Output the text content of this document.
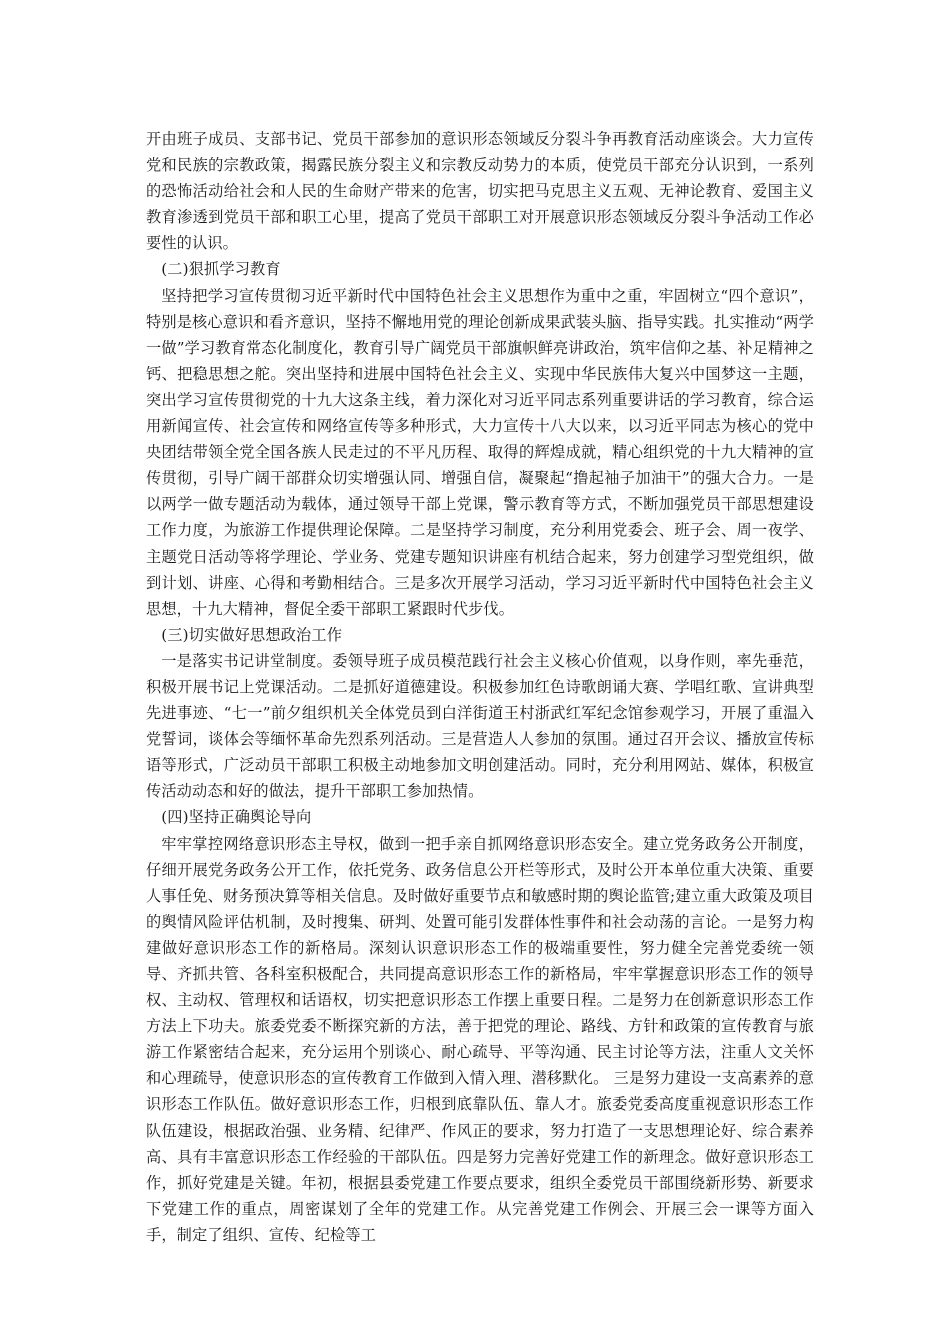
开由班子成员、支部书记、党员干部参加的意识形态领域反分裂斗争再教育活动座谈会。大力宣传党和民族的宗教政策，揭露民族分裂主义和宗教反动势力的本质，使党员干部充分认识到，一系列的恐怖活动给社会和人民的生命财产带来的危害，切实把马克思主义五观、无神论教育、爱国主义教育渗透到党员干部和职工心里，提高了党员干部职工对开展意识形态领域反分裂斗争活动工作必要性的认识。

(二)狠抓学习教育

坚持把学习宣传贯彻习近平新时代中国特色社会主义思想作为重中之重，牢固树立“四个意识”，特别是核心意识和看齐意识，坚持不懈地用党的理论创新成果武装头脑、指导实践。扎实推动“两学一做”学习教育常态化制度化，教育引导广阔党员干部旗帜鲜亮讲政治，筑牢信仰之基、补足精神之钙、把稳思想之舵。突出坚持和进展中国特色社会主义、实现中华民族伟大复兴中国梦这一主题，突出学习宣传贯彻党的十九大这条主线，着力深化对习近平同志系列重要讲话的学习教育，综合运用新闻宣传、社会宣传和网络宣传等多种形式，大力宣传十八大以来，以习近平同志为核心的党中央团结带领全党全国各族人民走过的不平凡历程、取得的辉煌成就，精心组织党的十九大精神的宣传贯彻，引导广阔干部群众切实增强认同、增强自信，凝聚起“撸起袖子加油干”的强大合力。一是以两学一做专题活动为载体，通过领导干部上党课，警示教育等方式，不断加强党员干部思想建设工作力度，为旅游工作提供理论保障。二是坚持学习制度，充分利用党委会、班子会、周一夜学、主题党日活动等将学理论、学业务、党建专题知识讲座有机结合起来，努力创建学习型党组织，做到计划、讲座、心得和考勤相结合。三是多次开展学习活动，学习习近平新时代中国特色社会主义思想，十九大精神，督促全委干部职工紧跟时代步伐。

(三)切实做好思想政治工作

一是落实书记讲堂制度。委领导班子成员模范践行社会主义核心价值观，以身作则，率先垂范，积极开展书记上党课活动。二是抓好道德建设。积极参加红色诗歌朗诵大赛、学唱红歌、宣讲典型先进事迹、“七一”前夕组织机关全体党员到白洋街道王村浙武红军纪念馆参观学习，开展了重温入党誓词，谈体会等缅怀革命先烈系列活动。三是营造人人参加的氛围。通过召开会议、播放宣传标语等形式，广泛动员干部职工积极主动地参加文明创建活动。同时，充分利用网站、媒体，积极宣传活动动态和好的做法，提升干部职工参加热情。

(四)坚持正确舆论导向

牢牢掌控网络意识形态主导权，做到一把手亲自抓网络意识形态安全。建立党务政务公开制度，仔细开展党务政务公开工作，依托党务、政务信息公开栏等形式，及时公开本单位重大决策、重要人事任免、财务预决算等相关信息。及时做好重要节点和敏感时期的舆论监管;建立重大政策及项目的舆情风险评估机制，及时搜集、研判、处置可能引发群体性事件和社会动荡的言论。一是努力构建做好意识形态工作的新格局。深刻认识意识形态工作的极端重要性，努力健全完善党委统一领导、齐抓共管、各科室积极配合，共同提高意识形态工作的新格局，牢牢掌握意识形态工作的领导权、主动权、管理权和话语权，切实把意识形态工作摆上重要日程。二是努力在创新意识形态工作方法上下功夫。旅委党委不断探究新的方法，善于把党的理论、路线、方针和政策的宣传教育与旅游工作紧密结合起来，充分运用个别谈心、耐心疏导、平等沟通、民主讨论等方法，注重人文关怀和心理疏导，使意识形态的宣传教育工作做到入情入理、潜移默化。 三是努力建设一支高素养的意识形态工作队伍。做好意识形态工作，归根到底靠队伍、靠人才。旅委党委高度重视意识形态工作队伍建设，根据政治强、业务精、纪律严、作风正的要求，努力打造了一支思想理论好、综合素养高、具有丰富意识形态工作经验的干部队伍。四是努力完善好党建工作的新理念。做好意识形态工作，抓好党建是关键。年初，根据县委党建工作要点要求，组织全委党员干部围绕新形势、新要求下党建工作的重点，周密谋划了全年的党建工作。从完善党建工作例会、开展三会一课等方面入手，制定了组织、宣传、纪检等工
